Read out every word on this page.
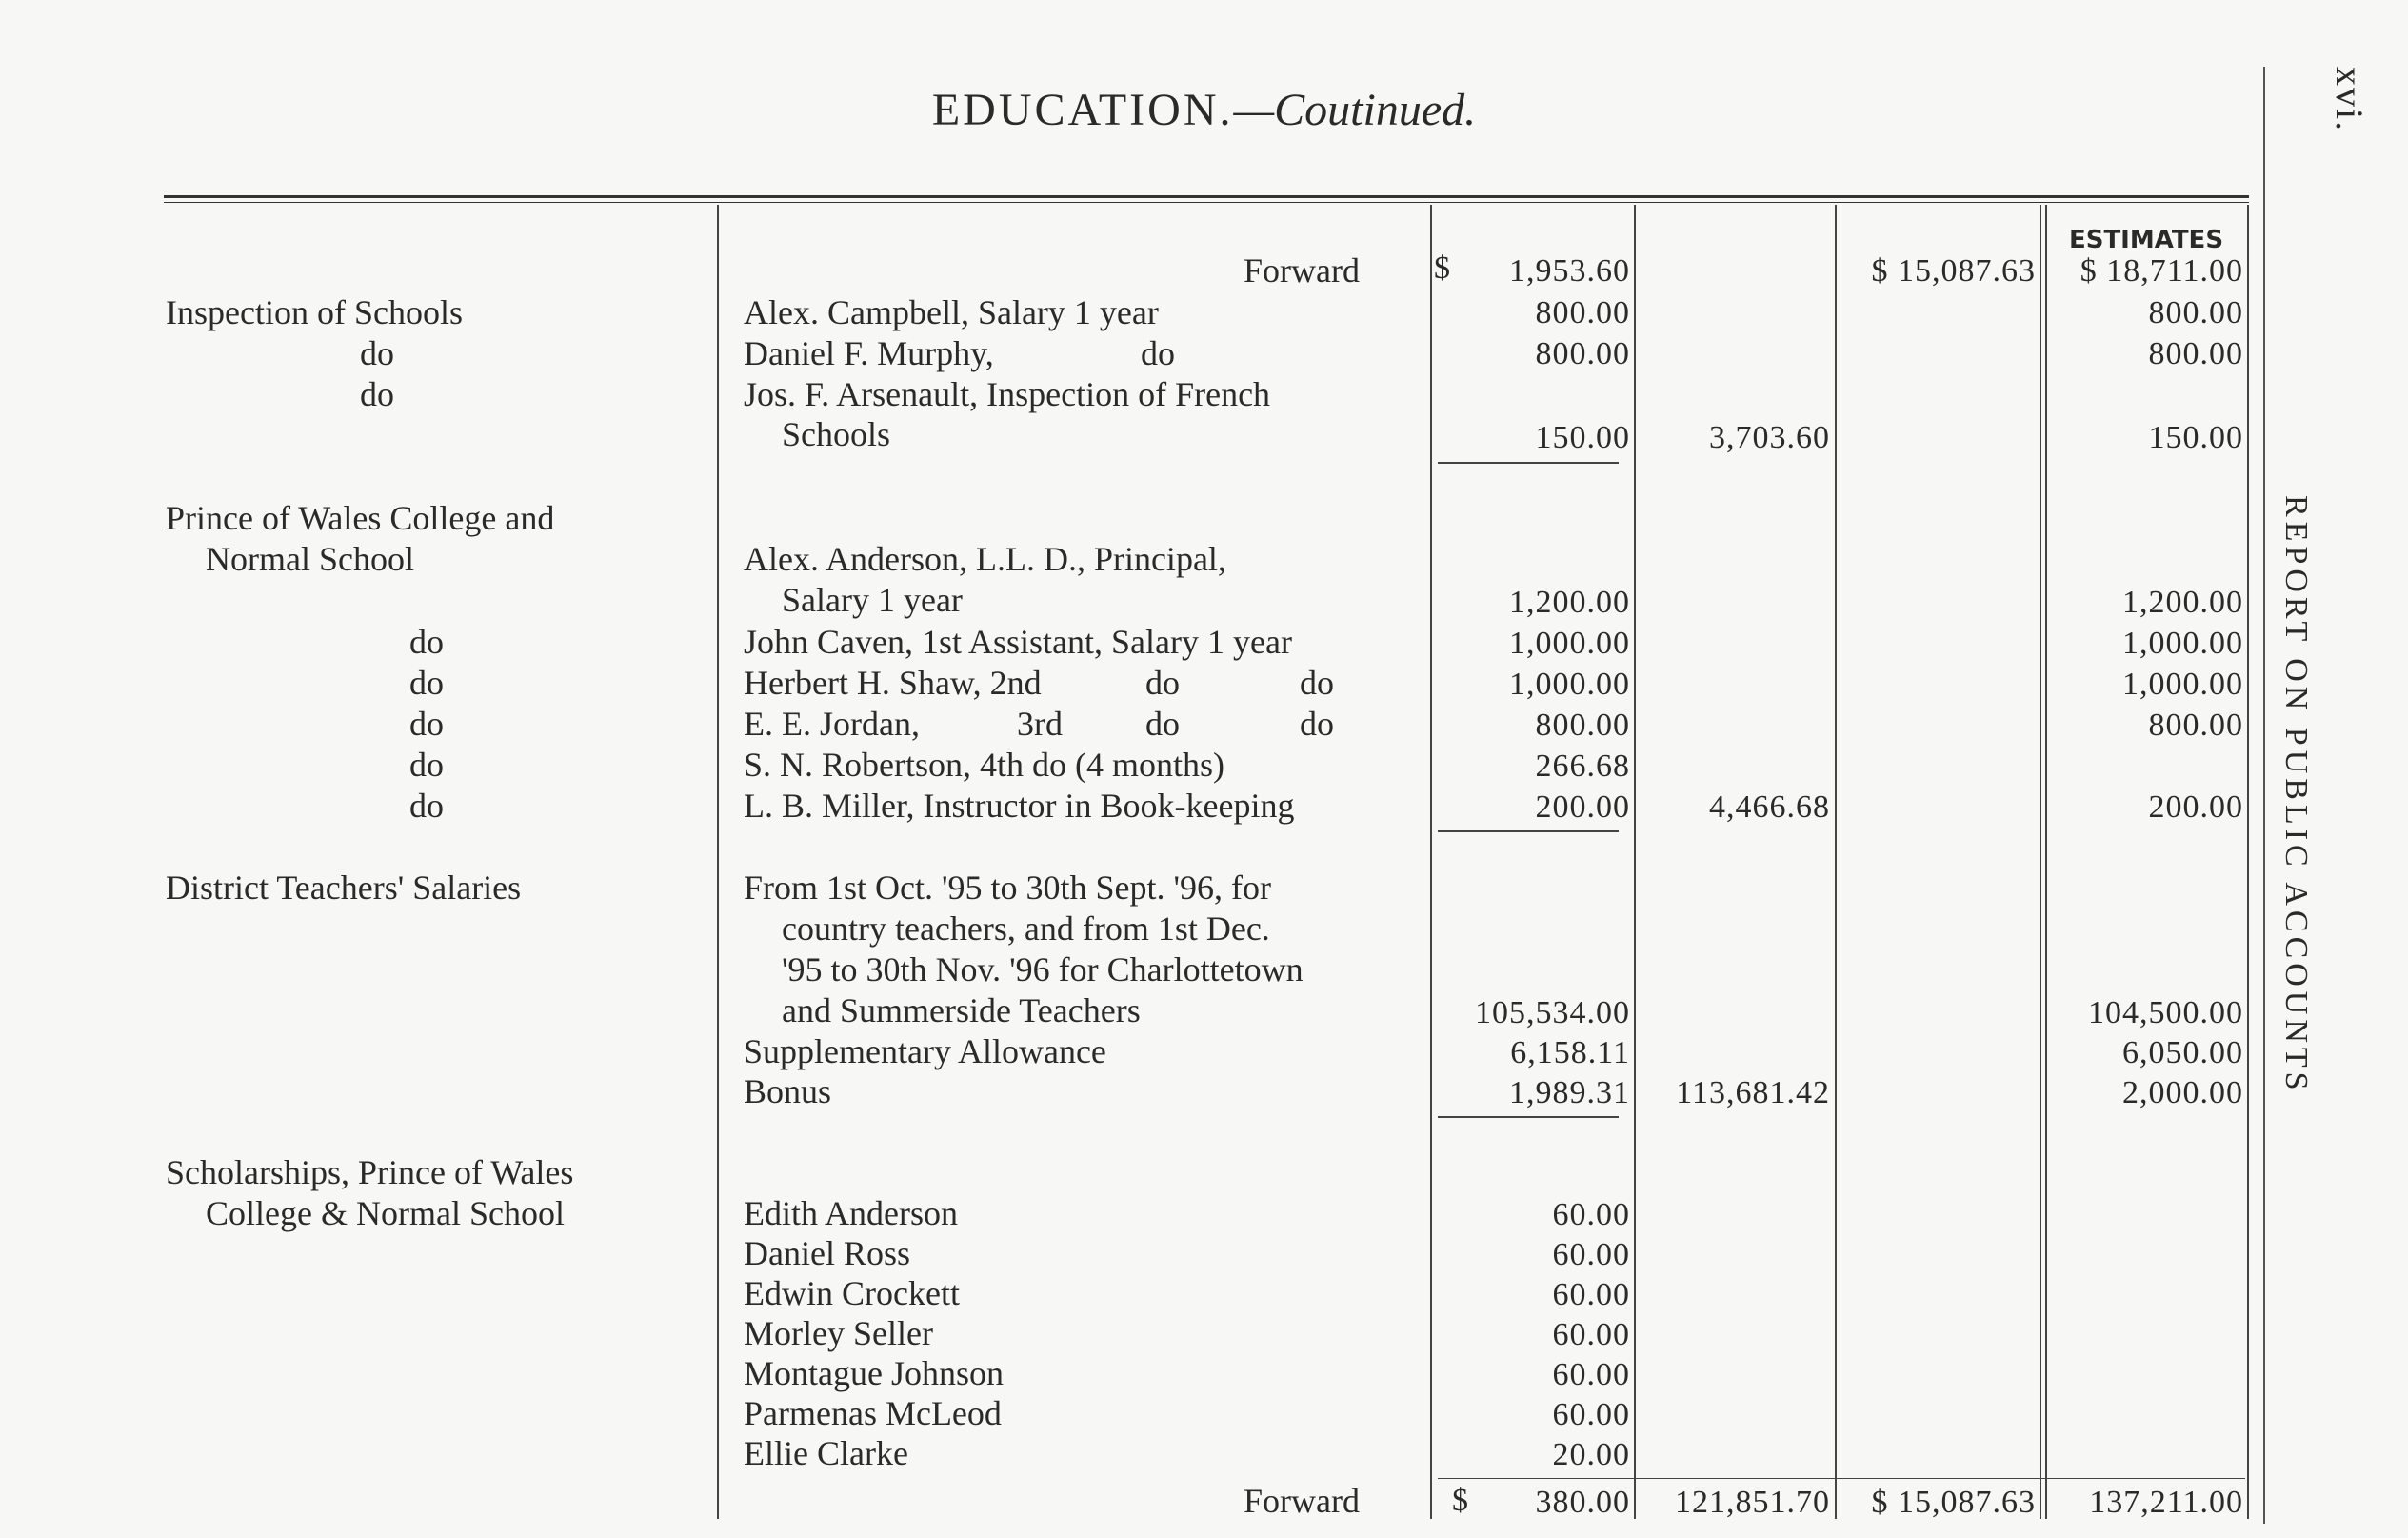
EDUCATION.—Coutinued.	xvi.
REPORT ON PUBLIC ACCOUNTS
ESTIMATES
Forward $	1,953.60	$ 15,087.63	$ 18,711.00
Inspection of Schools	Alex. Campbell, Salary 1 year	800.00	800.00
do	Daniel F. Murphy,	do	800.00	800.00
do	Jos. F. Arsenault, Inspection of French
Schools	150.00	3,703.60	150.00
Prince of Wales College and
Normal School	Alex. Anderson, L.L. D., Principal,
Salary 1 year	1,200.00	1,200.00
do	John Caven, 1st Assistant, Salary 1 year	1,000.00	1,000.00
do	Herbert H. Shaw, 2nd	do	do	1,000.00	1,000.00
do	E. E. Jordan,	3rd do	do	800.00	800.00
do	S. N. Robertson, 4th do (4 months)	266.68
do	L. B. Miller, Instructor in Book-keeping	200.00	4,466.68	200.00
District Teachers' Salaries	From 1st Oct. '95 to 30th Sept. '96, for
country teachers, and from 1st Dec.
'95 to 30th Nov. '96 for Charlottetown
and Summerside Teachers	105,534.00	104,500.00
Supplementary Allowance	6,158.11	6,050.00
Bonus	1,989.31	113,681.42	2,000.00
Scholarships, Prince of Wales
College & Normal School	Edith Anderson	60.00
Daniel Ross	60.00
Edwin Crockett	60.00
Morley Seller	60.00
Montague Johnson	60.00
Parmenas McLeod	60.00
Ellie Clarke	20.00
Forward	$	380.00	121,851.70	$ 15,087.63	137,211.00
